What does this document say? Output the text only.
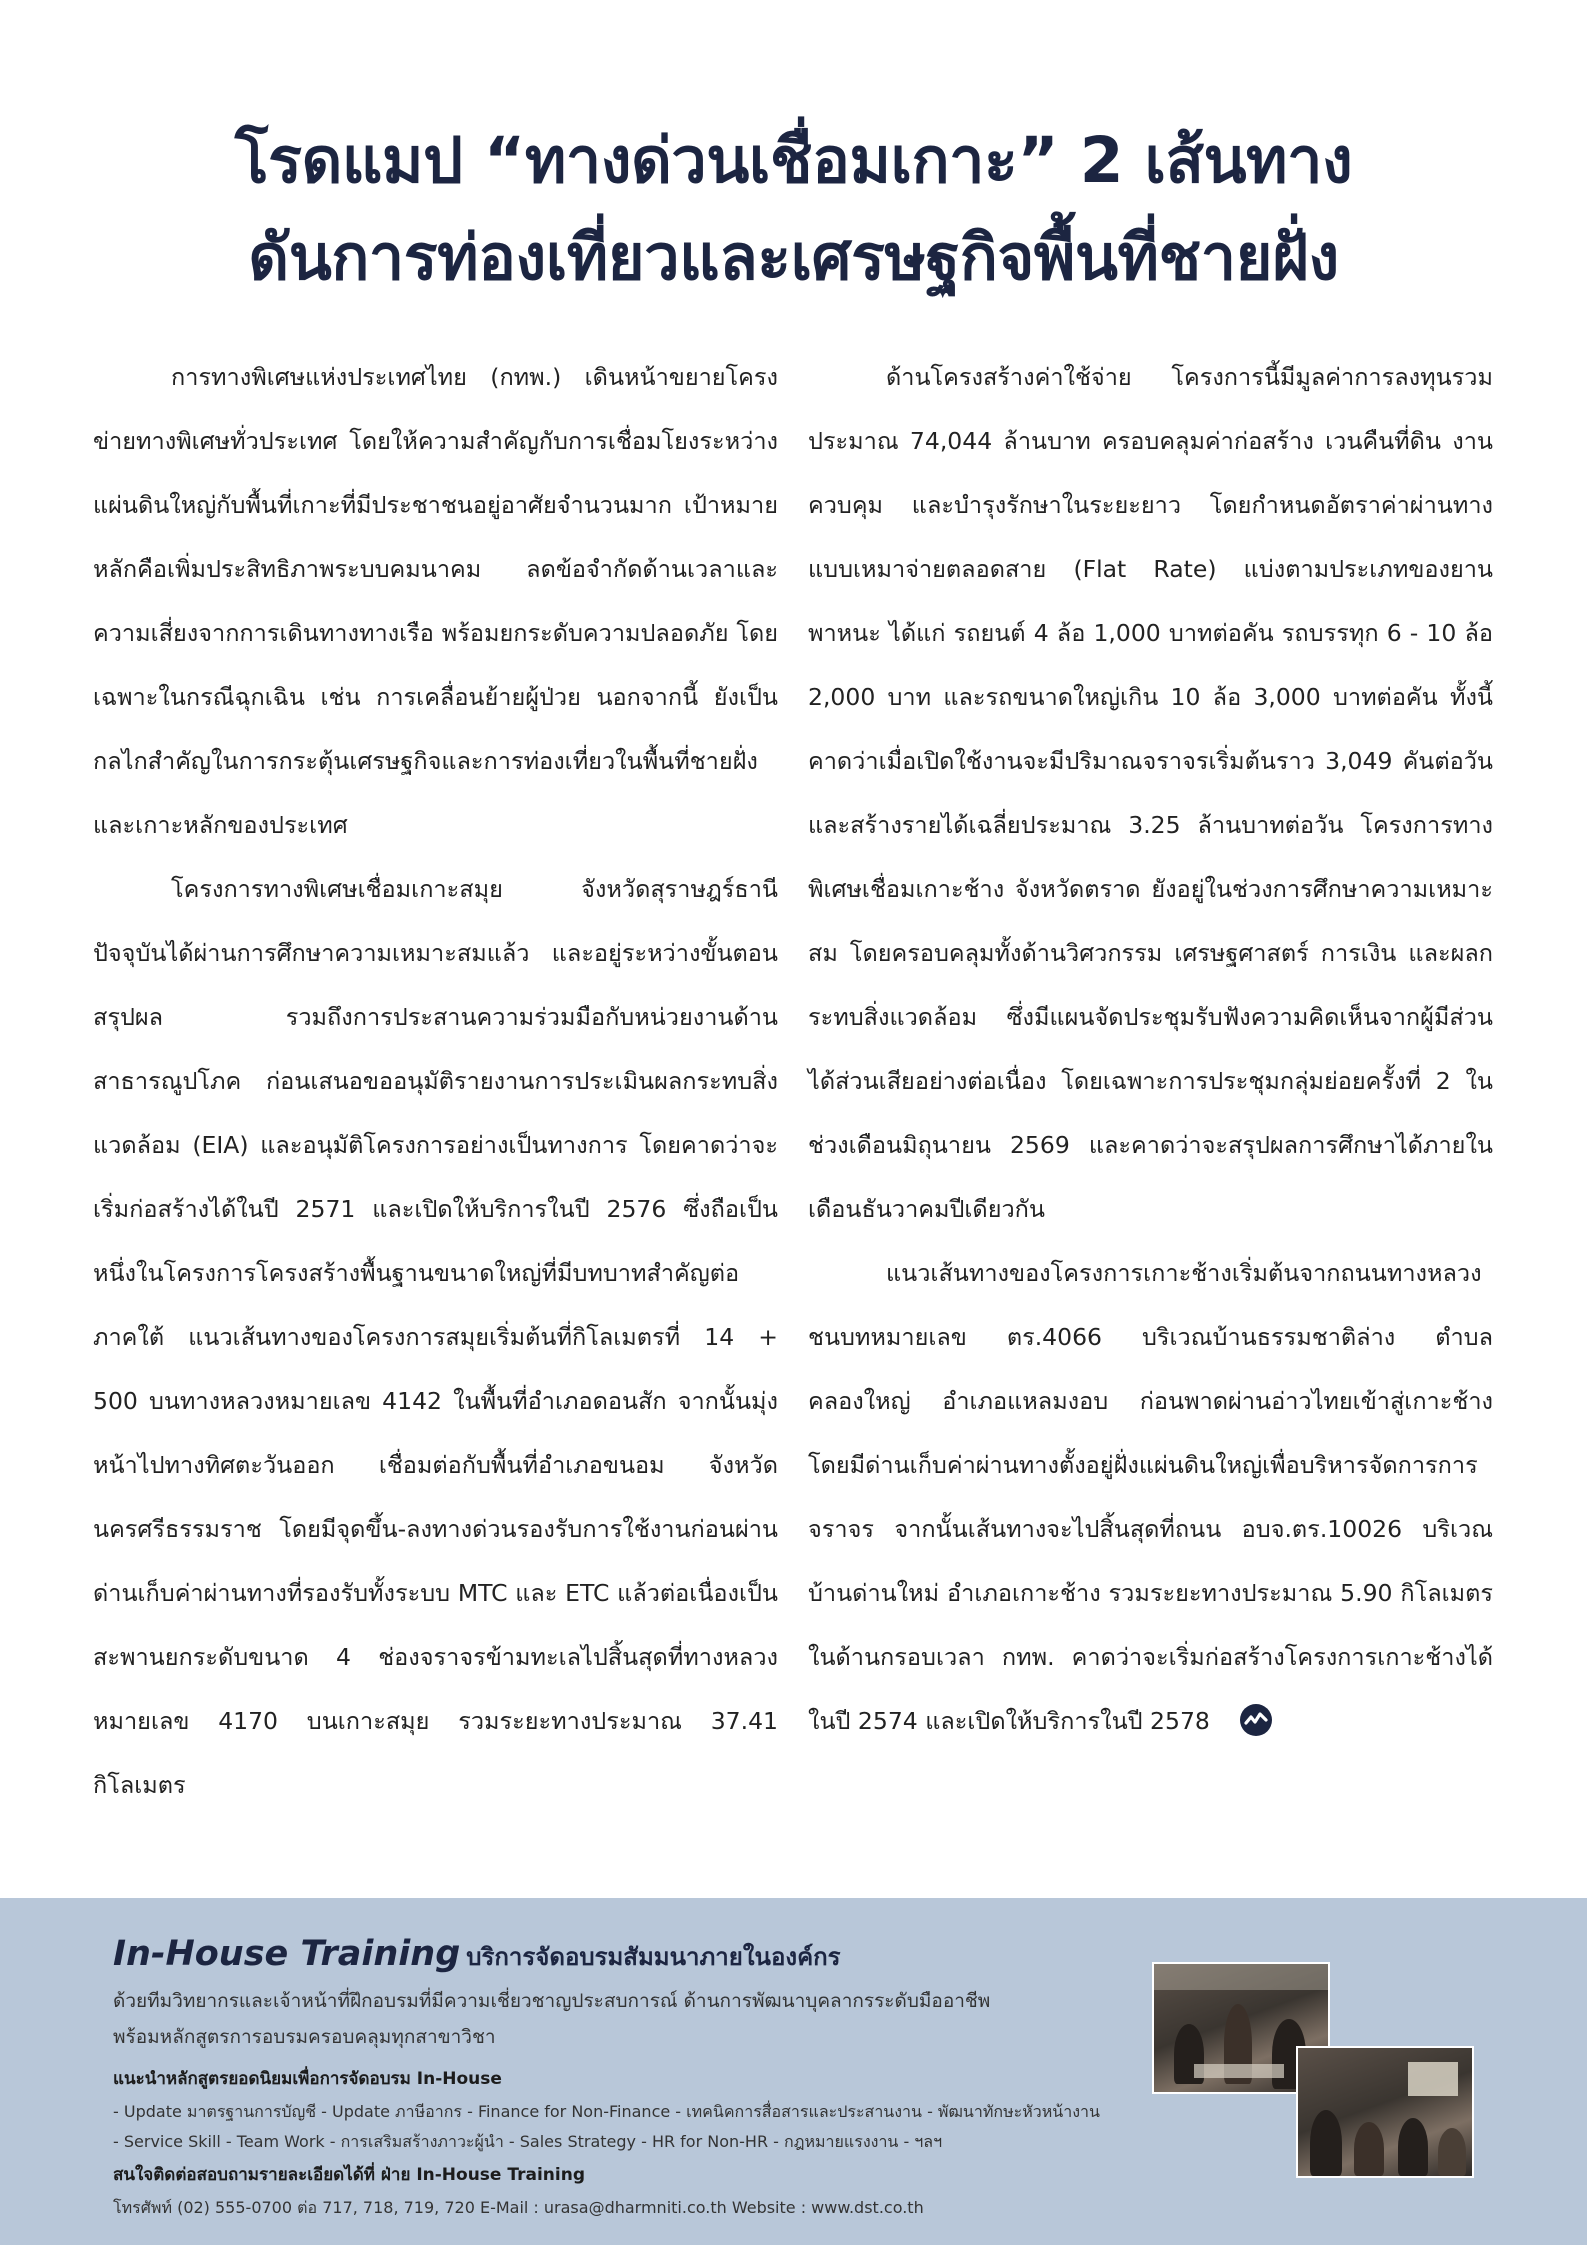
โรดแมป “ทางด่วนเชื่อมเกาะ” 2 เส้นทาง
ดันการท่องเที่ยวและเศรษฐกิจพื้นที่ชายฝั่ง

การทางพิเศษแห่งประเทศไทย (กทพ.) เดินหน้าขยายโครงข่ายทางพิเศษทั่วประเทศ โดยให้ความสำคัญกับการเชื่อมโยงระหว่างแผ่นดินใหญ่กับพื้นที่เกาะที่มีประชาชนอยู่อาศัยจำนวนมาก เป้าหมายหลักคือเพิ่มประสิทธิภาพระบบคมนาคม ลดข้อจำกัดด้านเวลาและความเสี่ยงจากการเดินทางทางเรือ พร้อมยกระดับความปลอดภัย โดยเฉพาะในกรณีฉุกเฉิน เช่น การเคลื่อนย้ายผู้ป่วย นอกจากนี้ ยังเป็นกลไกสำคัญในการกระตุ้นเศรษฐกิจและการท่องเที่ยวในพื้นที่ชายฝั่งและเกาะหลักของประเทศ

โครงการทางพิเศษเชื่อมเกาะสมุย จังหวัดสุราษฎร์ธานี ปัจจุบันได้ผ่านการศึกษาความเหมาะสมแล้ว และอยู่ระหว่างขั้นตอนสรุปผล รวมถึงการประสานความร่วมมือกับหน่วยงานด้านสาธารณูปโภค ก่อนเสนอขออนุมัติรายงานการประเมินผลกระทบสิ่งแวดล้อม (EIA) และอนุมัติโครงการอย่างเป็นทางการ โดยคาดว่าจะเริ่มก่อสร้างได้ในปี 2571 และเปิดให้บริการในปี 2576 ซึ่งถือเป็นหนึ่งในโครงการโครงสร้างพื้นฐานขนาดใหญ่ที่มีบทบาทสำคัญต่อภาคใต้ แนวเส้นทางของโครงการสมุยเริ่มต้นที่กิโลเมตรที่ 14 + 500 บนทางหลวงหมายเลข 4142 ในพื้นที่อำเภอดอนสัก จากนั้นมุ่งหน้าไปทางทิศตะวันออก เชื่อมต่อกับพื้นที่อำเภอขนอม จังหวัดนครศรีธรรมราช โดยมีจุดขึ้น-ลงทางด่วนรองรับการใช้งานก่อนผ่านด่านเก็บค่าผ่านทางที่รองรับทั้งระบบ MTC และ ETC แล้วต่อเนื่องเป็นสะพานยกระดับขนาด 4 ช่องจราจรข้ามทะเลไปสิ้นสุดที่ทางหลวงหมายเลข 4170 บนเกาะสมุย รวมระยะทางประมาณ 37.41 กิโลเมตร

ด้านโครงสร้างค่าใช้จ่าย โครงการนี้มีมูลค่าการลงทุนรวมประมาณ 74,044 ล้านบาท ครอบคลุมค่าก่อสร้าง เวนคืนที่ดิน งานควบคุม และบำรุงรักษาในระยะยาว โดยกำหนดอัตราค่าผ่านทางแบบเหมาจ่ายตลอดสาย (Flat Rate) แบ่งตามประเภทของยานพาหนะ ได้แก่ รถยนต์ 4 ล้อ 1,000 บาทต่อคัน รถบรรทุก 6 - 10 ล้อ 2,000 บาท และรถขนาดใหญ่เกิน 10 ล้อ 3,000 บาทต่อคัน ทั้งนี้คาดว่าเมื่อเปิดใช้งานจะมีปริมาณจราจรเริ่มต้นราว 3,049 คันต่อวัน และสร้างรายได้เฉลี่ยประมาณ 3.25 ล้านบาทต่อวัน โครงการทางพิเศษเชื่อมเกาะช้าง จังหวัดตราด ยังอยู่ในช่วงการศึกษาความเหมาะสม โดยครอบคลุมทั้งด้านวิศวกรรม เศรษฐศาสตร์ การเงิน และผลกระทบสิ่งแวดล้อม ซึ่งมีแผนจัดประชุมรับฟังความคิดเห็นจากผู้มีส่วนได้ส่วนเสียอย่างต่อเนื่อง โดยเฉพาะการประชุมกลุ่มย่อยครั้งที่ 2 ในช่วงเดือนมิถุนายน 2569 และคาดว่าจะสรุปผลการศึกษาได้ภายในเดือนธันวาคมปีเดียวกัน

แนวเส้นทางของโครงการเกาะช้างเริ่มต้นจากถนนทางหลวงชนบทหมายเลข ตร.4066 บริเวณบ้านธรรมชาติล่าง ตำบลคลองใหญ่ อำเภอแหลมงอบ ก่อนพาดผ่านอ่าวไทยเข้าสู่เกาะช้าง โดยมีด่านเก็บค่าผ่านทางตั้งอยู่ฝั่งแผ่นดินใหญ่เพื่อบริหารจัดการการจราจร จากนั้นเส้นทางจะไปสิ้นสุดที่ถนน อบจ.ตร.10026 บริเวณบ้านด่านใหม่ อำเภอเกาะช้าง รวมระยะทางประมาณ 5.90 กิโลเมตร ในด้านกรอบเวลา กทพ. คาดว่าจะเริ่มก่อสร้างโครงการเกาะช้างได้ในปี 2574 และเปิดให้บริการในปี 2578

In-House Training บริการจัดอบรมสัมมนาภายในองค์กร
ด้วยทีมวิทยากรและเจ้าหน้าที่ฝึกอบรมที่มีความเชี่ยวชาญประสบการณ์ ด้านการพัฒนาบุคลากรระดับมืออาชีพ
พร้อมหลักสูตรการอบรมครอบคลุมทุกสาขาวิชา
แนะนำหลักสูตรยอดนิยมเพื่อการจัดอบรม In-House
- Update มาตรฐานการบัญชี - Update ภาษีอากร - Finance for Non-Finance - เทคนิคการสื่อสารและประสานงาน - พัฒนาทักษะหัวหน้างาน
- Service Skill - Team Work - การเสริมสร้างภาวะผู้นำ - Sales Strategy - HR for Non-HR - กฎหมายแรงงาน - ฯลฯ
สนใจติดต่อสอบถามรายละเอียดได้ที่ ฝ่าย In-House Training
โทรศัพท์ (02) 555-0700 ต่อ 717, 718, 719, 720 E-Mail : urasa@dharmniti.co.th Website : www.dst.co.th
